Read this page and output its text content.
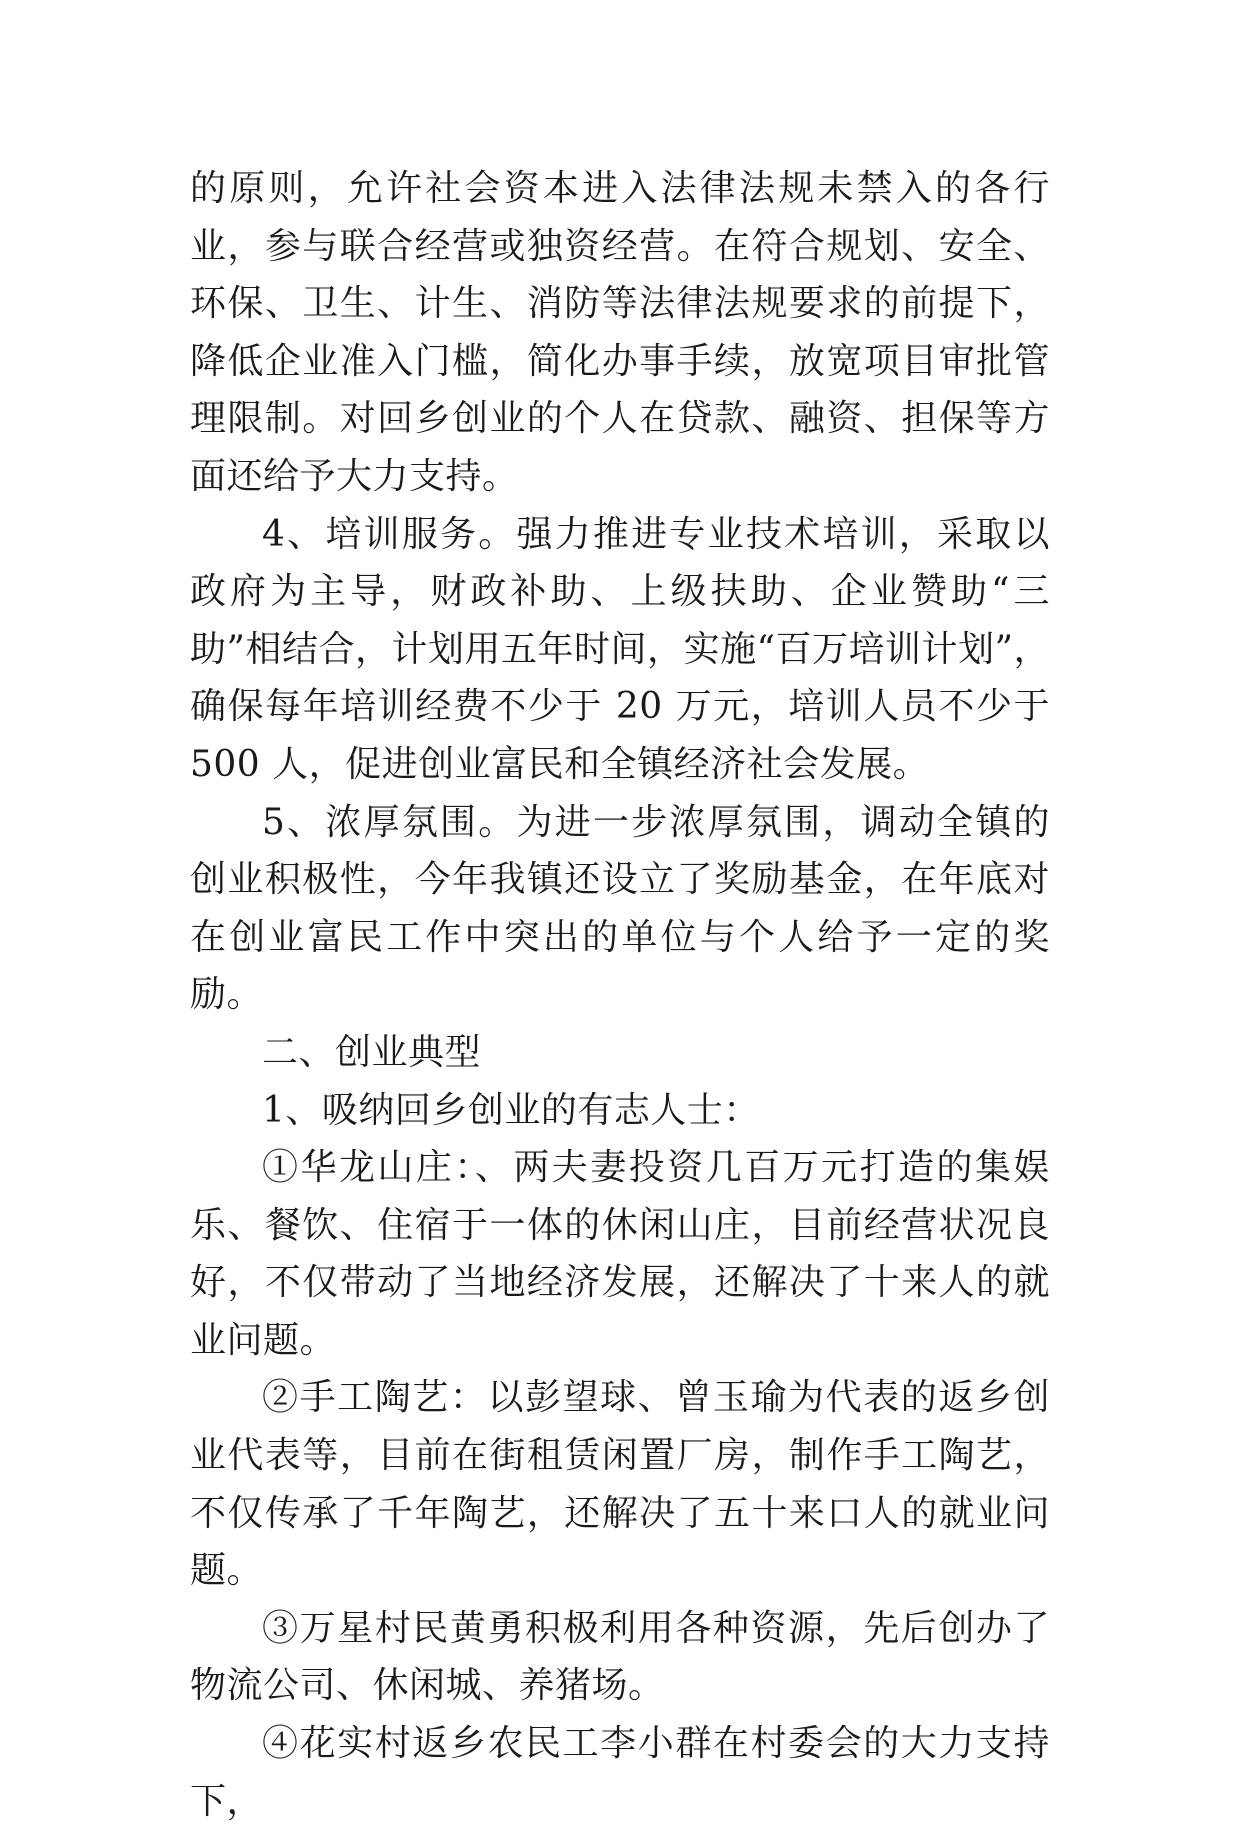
的原则，允许社会资本进入法律法规未禁入的各行业，参与联合经营或独资经营。在符合规划、安全、环保、卫生、计生、消防等法律法规要求的前提下，降低企业准入门槛，简化办事手续，放宽项目审批管理限制。对回乡创业的个人在贷款、融资、担保等方面还给予大力支持。

4、培训服务。强力推进专业技术培训，采取以政府为主导，财政补助、上级扶助、企业赞助“三助”相结合，计划用五年时间，实施“百万培训计划”，确保每年培训经费不少于 20 万元，培训人员不少于 500 人，促进创业富民和全镇经济社会发展。

5、浓厚氛围。为进一步浓厚氛围，调动全镇的创业积极性，今年我镇还设立了奖励基金，在年底对在创业富民工作中突出的单位与个人给予一定的奖励。

二、创业典型

1、吸纳回乡创业的有志人士：

①华龙山庄：、两夫妻投资几百万元打造的集娱乐、餐饮、住宿于一体的休闲山庄，目前经营状况良好，不仅带动了当地经济发展，还解决了十来人的就业问题。

②手工陶艺：以彭望球、曾玉瑜为代表的返乡创业代表等，目前在街租赁闲置厂房，制作手工陶艺，不仅传承了千年陶艺，还解决了五十来口人的就业问题。

③万星村民黄勇积极利用各种资源，先后创办了物流公司、休闲城、养猪场。

④花实村返乡农民工李小群在村委会的大力支持下，
